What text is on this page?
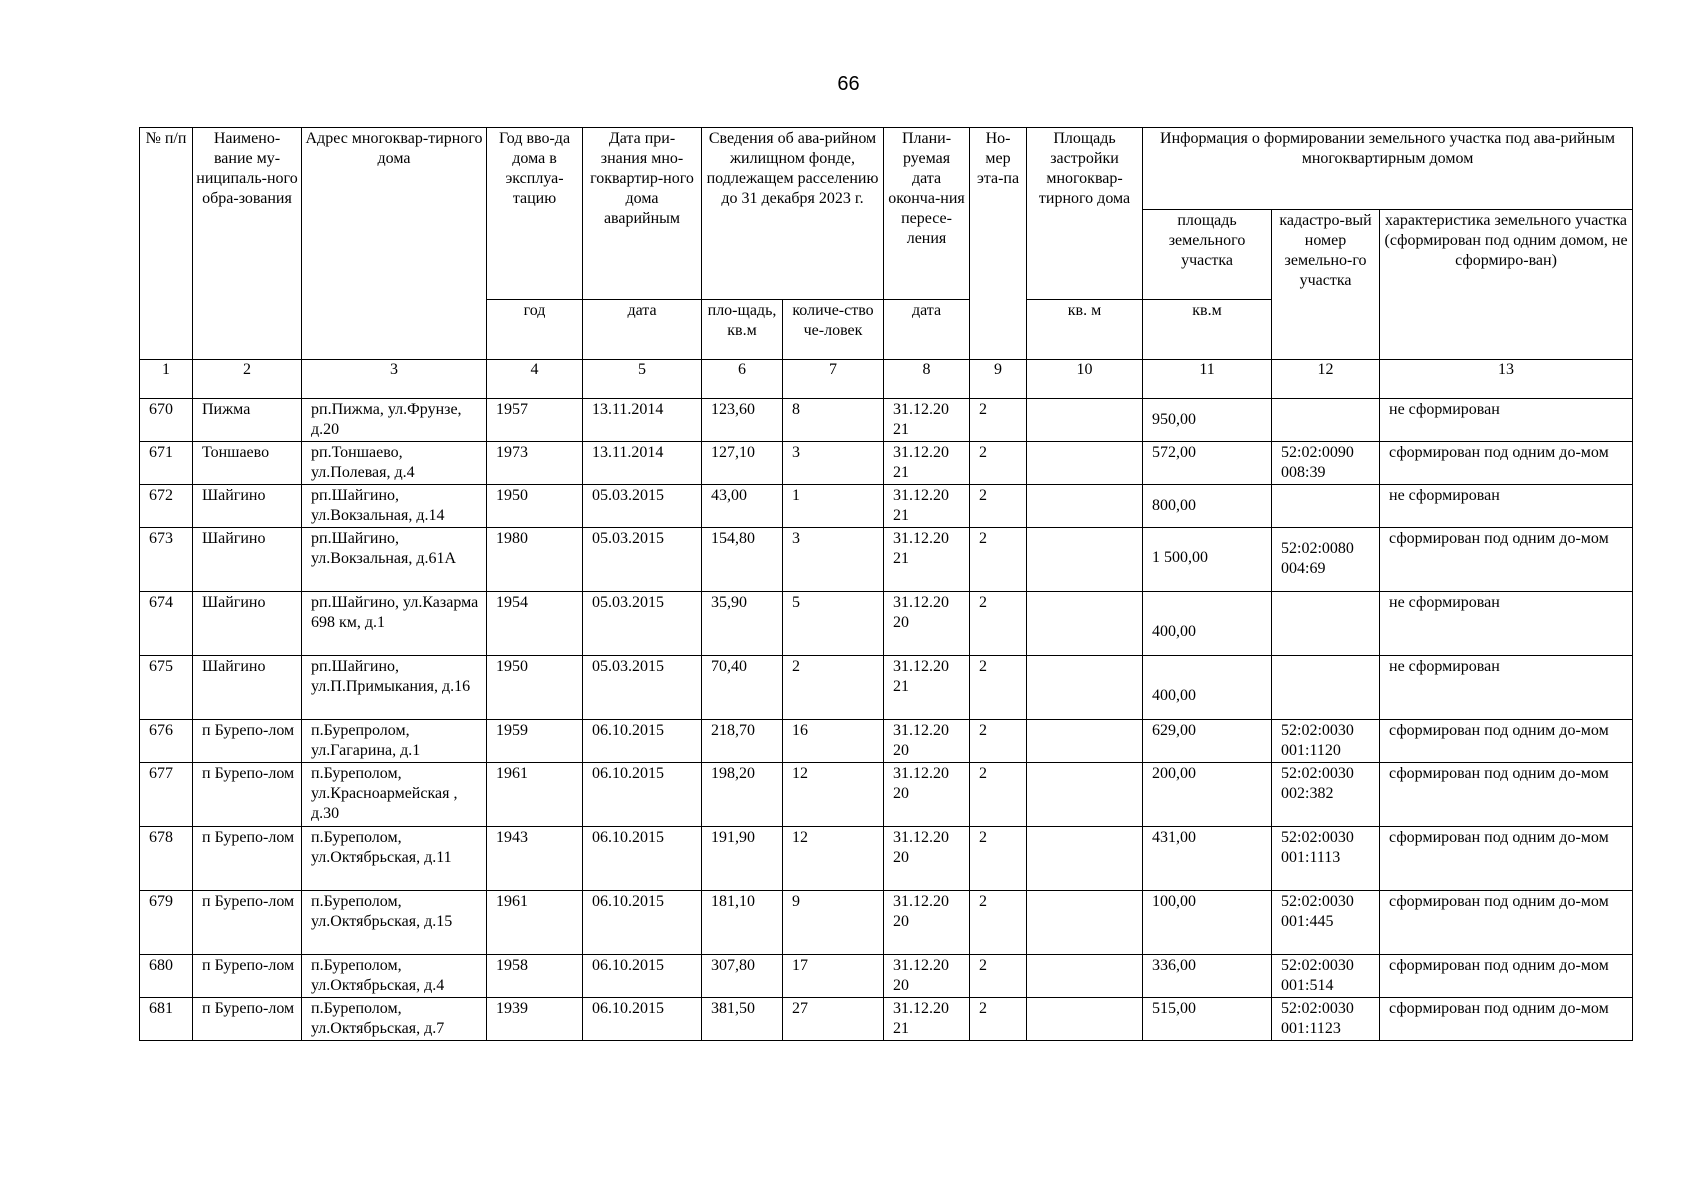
66
№ п/п	Наимено-вание му-ниципаль-ного обра-зования	Адрес многоквар-тирного дома	Год вво-да дома в эксплуа-тацию	Дата при-знания мно-гоквартир-ного дома аварийным	Сведения об ава-рийном жилищном фонде, подлежащем расселению до 31 декабря 2023 г.		Плани-руемая дата оконча-ния пересе-ления	Но-мер эта-па	Площадь застройки многоквар-тирного дома	Информация о формировании земельного участка под ава-рийным многоквартирным домом		
										площадь земельного участка	кадастро-вый номер земельно-го участка	характеристика земельного участка (сформирован под одним домом, не сформиро-ван)
			год	дата	пло-щадь, кв.м	количе-ство че-ловек	дата		кв. м	кв.м		
1	2	3	4	5	6	7	8	9	10	11	12	13
670	Пижма	рп.Пижма, ул.Фрунзе, д.20	1957	13.11.2014	123,60	8	31.12.20 21	2		950,00		не сформирован
671	Тоншаево	рп.Тоншаево, ул.Полевая, д.4	1973	13.11.2014	127,10	3	31.12.20 21	2		572,00	52:02:0090 008:39	сформирован под одним до-мом
672	Шайгино	рп.Шайгино, ул.Вокзальная, д.14	1950	05.03.2015	43,00	1	31.12.20 21	2		800,00		не сформирован
673	Шайгино	рп.Шайгино, ул.Вокзальная, д.61А	1980	05.03.2015	154,80	3	31.12.20 21	2		1 500,00	52:02:0080 004:69	сформирован под одним до-мом
674	Шайгино	рп.Шайгино, ул.Казарма 698 км, д.1	1954	05.03.2015	35,90	5	31.12.20 20	2		400,00		не сформирован
675	Шайгино	рп.Шайгино, ул.П.Примыкания, д.16	1950	05.03.2015	70,40	2	31.12.20 21	2		400,00		не сформирован
676	п Бурепо-лом	п.Бурепролом, ул.Гагарина, д.1	1959	06.10.2015	218,70	16	31.12.20 20	2		629,00	52:02:0030 001:1120	сформирован под одним до-мом
677	п Бурепо-лом	п.Буреполом, ул.Красноармейская , д.30	1961	06.10.2015	198,20	12	31.12.20 20	2		200,00	52:02:0030 002:382	сформирован под одним до-мом
678	п Бурепо-лом	п.Буреполом, ул.Октябрьская, д.11	1943	06.10.2015	191,90	12	31.12.20 20	2		431,00	52:02:0030 001:1113	сформирован под одним до-мом
679	п Бурепо-лом	п.Буреполом, ул.Октябрьская, д.15	1961	06.10.2015	181,10	9	31.12.20 20	2		100,00	52:02:0030 001:445	сформирован под одним до-мом
680	п Бурепо-лом	п.Буреполом, ул.Октябрьская, д.4	1958	06.10.2015	307,80	17	31.12.20 20	2		336,00	52:02:0030 001:514	сформирован под одним до-мом
681	п Бурепо-лом	п.Буреполом, ул.Октябрьская, д.7	1939	06.10.2015	381,50	27	31.12.20 21	2		515,00	52:02:0030 001:1123	сформирован под одним до-мом
